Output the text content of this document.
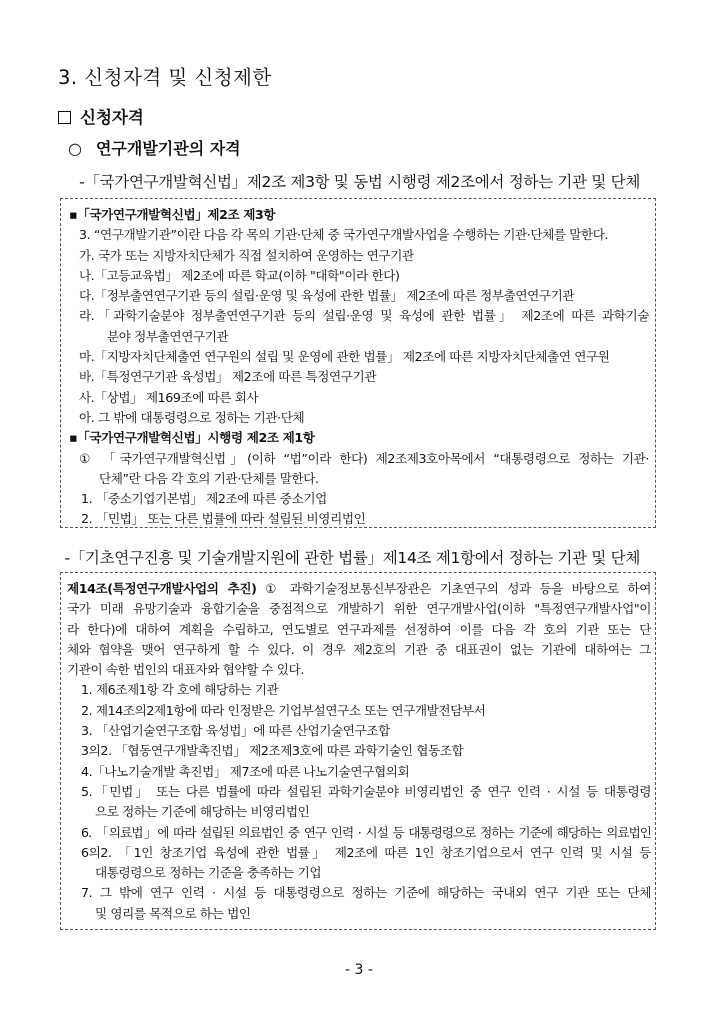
3. 신청자격 및 신청제한
신청자격
○ 연구개발기관의 자격
-「국가연구개발혁신법」제2조 제3항 및 동법 시행령 제2조에서 정하는 기관 및 단체

▪「국가연구개발혁신법」제2조 제3항

3. “연구개발기관”이란 다음 각 목의 기관·단체 중 국가연구개발사업을 수행하는 기관·단체를 말한다.

가. 국가 또는 지방자치단체가 직접 설치하여 운영하는 연구기관

나.「고등교육법」 제2조에 따른 학교(이하 "대학"이라 한다)

다.「정부출연연구기관 등의 설립·운영 및 육성에 관한 법률」 제2조에 따른 정부출연연구기관

라.「과학기술분야 정부출연연구기관 등의 설립·운영 및 육성에 관한 법률」 제2조에 따른 과학기술

분야 정부출연연구기관

마.「지방자치단체출연 연구원의 설립 및 운영에 관한 법률」 제2조에 따른 지방자치단체출연 연구원

바.「특정연구기관 육성법」 제2조에 따른 특정연구기관

사.「상법」 제169조에 따른 회사

아. 그 밖에 대통령령으로 정하는 기관·단체

▪「국가연구개발혁신법」시행령 제2조 제1항

① 「국가연구개발혁신법」(이하 “법”이라 한다) 제2조제3호아목에서 “대통령령으로 정하는 기관·

단체”란 다음 각 호의 기관·단체를 말한다.

1. 「중소기업기본법」 제2조에 따른 중소기업

2. 「민법」 또는 다른 법률에 따라 설립된 비영리법인

-「기초연구진흥 및 기술개발지원에 관한 법률」제14조 제1항에서 정하는 기관 및 단체

제14조(특정연구개발사업의 추진) ① 과학기술정보통신부장관은 기초연구의 성과 등을 바탕으로 하여

국가 미래 유망기술과 융합기술을 중점적으로 개발하기 위한 연구개발사업(이하 "특정연구개발사업"이

라 한다)에 대하여 계획을 수립하고, 연도별로 연구과제를 선정하여 이를 다음 각 호의 기관 또는 단

체와 협약을 맺어 연구하게 할 수 있다. 이 경우 제2호의 기관 중 대표권이 없는 기관에 대하여는 그

기관이 속한 법인의 대표자와 협약할 수 있다.

1. 제6조제1항 각 호에 해당하는 기관

2. 제14조의2제1항에 따라 인정받은 기업부설연구소 또는 연구개발전담부서

3. 「산업기술연구조합 육성법」에 따른 산업기술연구조합

3의2. 「협동연구개발촉진법」 제2조제3호에 따른 과학기술인 협동조합

4.「나노기술개발 촉진법」 제7조에 따른 나노기술연구협의회

5.「민법」 또는 다른 법률에 따라 설립된 과학기술분야 비영리법인 중 연구 인력 · 시설 등 대통령령

으로 정하는 기준에 해당하는 비영리법인

6. 「의료법」에 따라 설립된 의료법인 중 연구 인력 · 시설 등 대통령령으로 정하는 기준에 해당하는 의료법인

6의2. 「1인 창조기업 육성에 관한 법률」 제2조에 따른 1인 창조기업으로서 연구 인력 및 시설 등

대통령령으로 정하는 기준을 충족하는 기업

7. 그 밖에 연구 인력 · 시설 등 대통령령으로 정하는 기준에 해당하는 국내외 연구 기관 또는 단체

및 영리를 목적으로 하는 법인

- 3 -
